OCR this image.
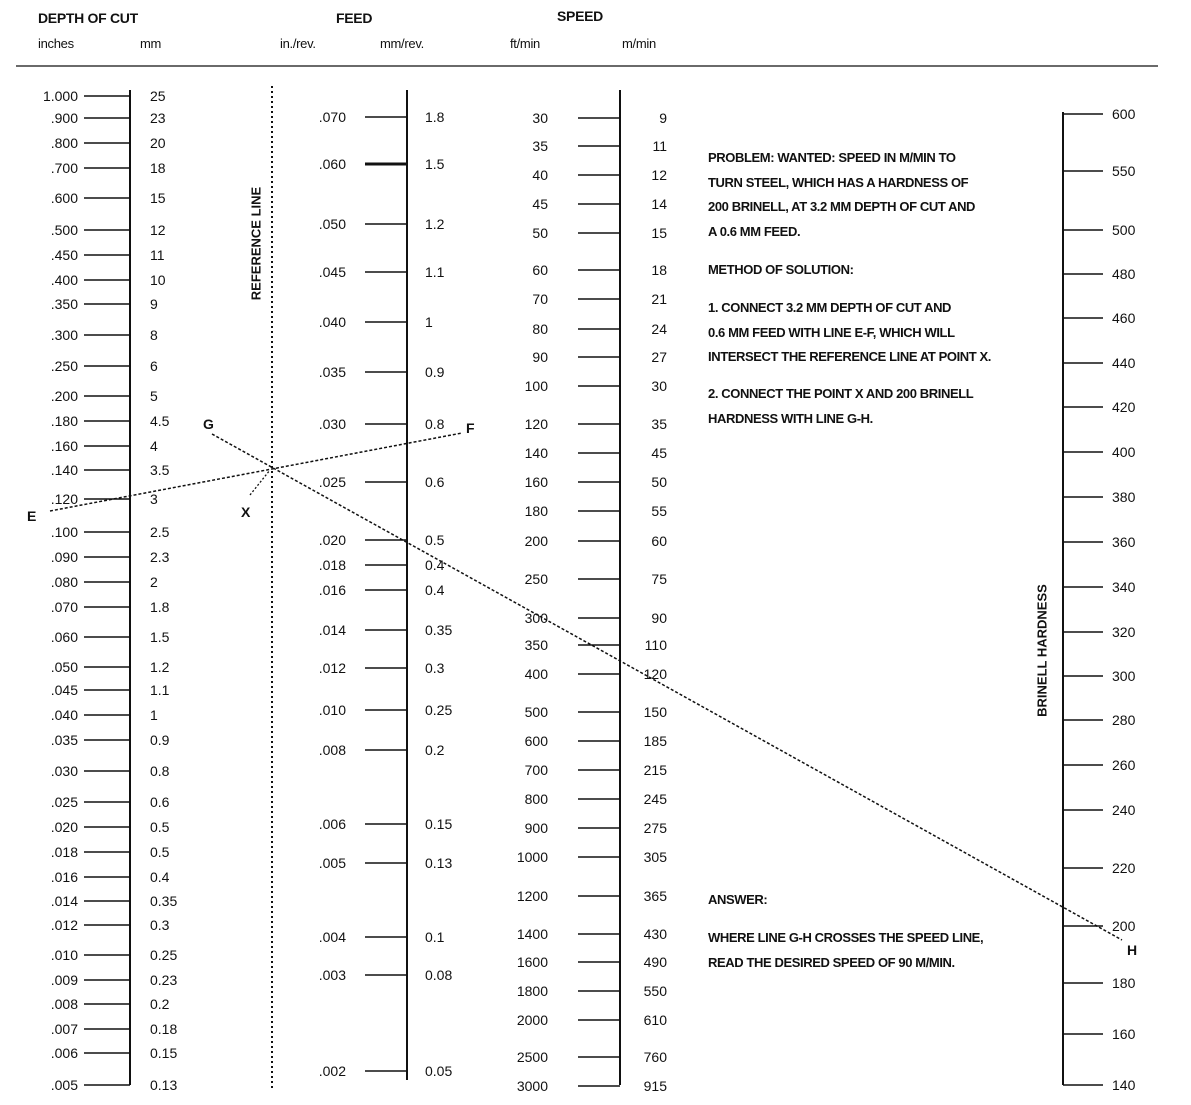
DEPTH OF CUT
inches	mm
FEED
in./rev.	mm/rev.
SPEED
ft/min	m/min
1.000	25
.900	23
.800	20
.700	18
.600	15
.500	12
.450	11
.400	10
.350	9
.300	8
.250	6
.200	5
.180	4.5
.160	4
.140	3.5
.120	3
.100	2.5
.090	2.3
.080	2
.070	1.8
.060	1.5
.050	1.2
.045	1.1
.040	1
.035	0.9
.030	0.8
.025	0.6
.020	0.5
.018	0.5
.016	0.4
.014	0.35
.012	0.3
.010	0.25
.009	0.23
.008	0.2
.007	0.18
.006	0.15
.005	0.13
.070	1.8
.060	1.5
.050	1.2
.045	1.1
.040	1
.035	0.9
.030	0.8
.025	0.6
.020	0.5
.018	0.4
.016	0.4
.014	0.35
.012	0.3
.010	0.25
.008	0.2
.006	0.15
.005	0.13
.004	0.1
.003	0.08
.002	0.05
30	9
35	11
40	12
45	14
50	15
60	18
70	21
80	24
90	27
100	30
120	35
140	45
160	50
180	55
200	60
250	75
300	90
350	110
400	120
500	150
600	185
700	215
800	245
900	275
1000	305
1200	365
1400	430
1600	490
1800	550
2000	610
2500	760
3000	915
600
550
500
480
460
440
420
400
380
360
340
320
300
280
260
240
220
200
180
160
140
REFERENCE LINE
BRINELL HARDNESS
E
F
G
H
X

PROBLEM: WANTED: SPEED IN M/MIN TO

TURN STEEL, WHICH HAS A HARDNESS OF

200 BRINELL, AT 3.2 MM DEPTH OF CUT AND

A 0.6 MM FEED.

METHOD OF SOLUTION:

1. CONNECT 3.2 MM DEPTH OF CUT AND

0.6 MM FEED WITH LINE E-F, WHICH WILL

INTERSECT THE REFERENCE LINE AT POINT X.

2. CONNECT THE POINT X AND 200 BRINELL

HARDNESS WITH LINE G-H.

ANSWER:

WHERE LINE G-H CROSSES THE SPEED LINE,

READ THE DESIRED SPEED OF 90 M/MIN.
